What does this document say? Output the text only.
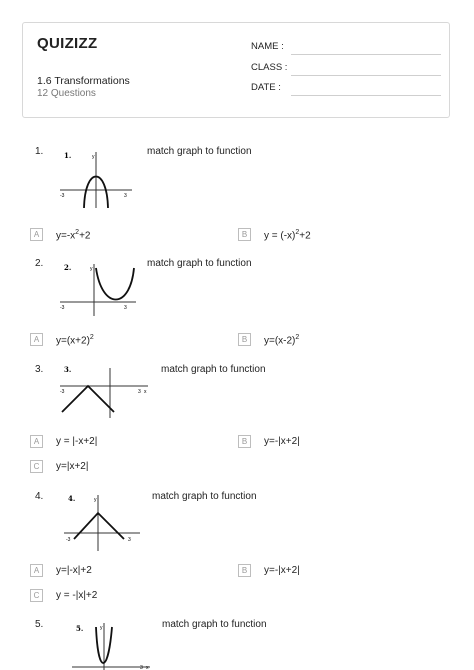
QUIZIZZ
1.6 Transformations
12 Questions
NAME :
CLASS :
DATE :
1.	1.	y
-3	3
match graph to function
A	$y=-x^2+2$	B	$y = (-x)^2+2$
2.	2.	y
-3	3
match graph to function
A	$y=(x+2)^2$	B	$y=(x-2)^2$
3.	3.
-3	3 x
match graph to function
A	y = |-x+2|	B	y=-|x+2|
C	y=|x+2|
4.	4.	y
-3	3
match graph to function
A	y=|-x|+2	B	y=-|x+2|
C	y = -|x|+2
5.	5.	y
3 x
match graph to function
